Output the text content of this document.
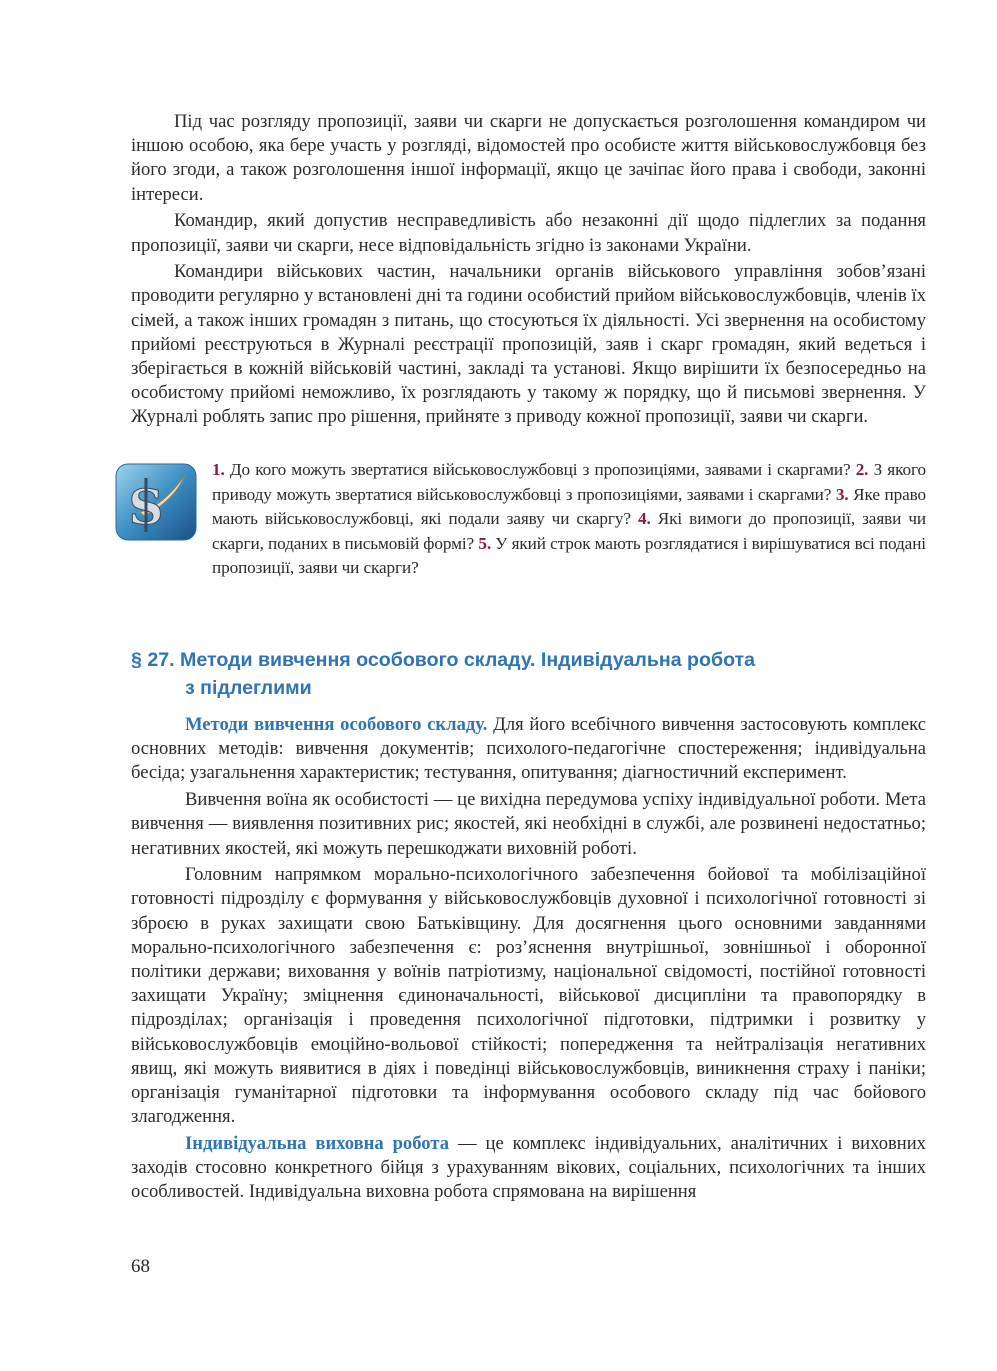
Під час розгляду пропозиції, заяви чи скарги не допускається розголошення командиром чи іншою особою, яка бере участь у розгляді, відомостей про особисте життя військовослужбовця без його згоди, а також розголошення іншої інформації, якщо це зачіпає його права і свободи, законні інтереси.

Командир, який допустив несправедливість або незаконні дії щодо підлеглих за подання пропозиції, заяви чи скарги, несе відповідальність згідно із законами України.

Командири військових частин, начальники органів військового управління зобов’язані проводити регулярно у встановлені дні та години особистий прийом військовослужбовців, членів їх сімей, а також інших громадян з питань, що стосуються їх діяльності. Усі звернення на особистому прийомі реєструються в Журналі реєстрації пропозицій, заяв і скарг громадян, який ведеться і зберігається в кожній військовій частині, закладі та установі. Якщо вирішити їх безпосередньо на особистому прийомі неможливо, їх розглядають у такому ж порядку, що й письмові звернення. У Журналі роблять запис про рішення, прийняте з приводу кожної пропозиції, заяви чи скарги.

S

1. До кого можуть звертатися військовослужбовці з пропозиціями, заявами і скаргами? 2. З якого приводу можуть звертатися військовослужбовці з пропозиціями, заявами і скаргами? 3. Яке право мають військовослужбовці, які подали заяву чи скаргу? 4. Які вимоги до пропозиції, заяви чи скарги, поданих в письмовій формі? 5. У який строк мають розглядатися і вирішуватися всі подані пропозиції, заяви чи скарги?

§ 27. Методи вивчення особового складу. Індивідуальна робота
з підлеглими

Методи вивчення особового складу. Для його всебічного вивчення застосовують комплекс основних методів: вивчення документів; психолого-педагогічне спостереження; індивідуальна бесіда; узагальнення характеристик; тестування, опитування; діагностичний експеримент.

Вивчення воїна як особистості — це вихідна передумова успіху індивідуальної роботи. Мета вивчення — виявлення позитивних рис; якостей, які необхідні в службі, але розвинені недостатньо; негативних якостей, які можуть перешкоджати виховній роботі.

Головним напрямком морально-психологічного забезпечення бойової та мобілізаційної готовності підрозділу є формування у військовослужбовців духовної і психологічної готовності зі зброєю в руках захищати свою Батьківщину. Для досягнення цього основними завданнями морально-психологічного забезпечення є: роз’яснення внутрішньої, зовнішньої і оборонної політики держави; виховання у воїнів патріотизму, національної свідомості, постійної готовності захищати Україну; зміцнення єдиноначальності, військової дисципліни та правопорядку в підрозділах; організація і проведення психологічної підготовки, підтримки і розвитку у військовослужбовців емоційно-вольової стійкості; попередження та нейтралізація негативних явищ, які можуть виявитися в діях і поведінці військовослужбовців, виникнення страху і паніки; організація гуманітарної підготовки та інформування особового складу під час бойового злагодження.

Індивідуальна виховна робота — це комплекс індивідуальних, аналітичних і виховних заходів стосовно конкретного бійця з урахуванням вікових, соціальних, психологічних та інших особливостей. Індивідуальна виховна робота спрямована на вирішення

68
